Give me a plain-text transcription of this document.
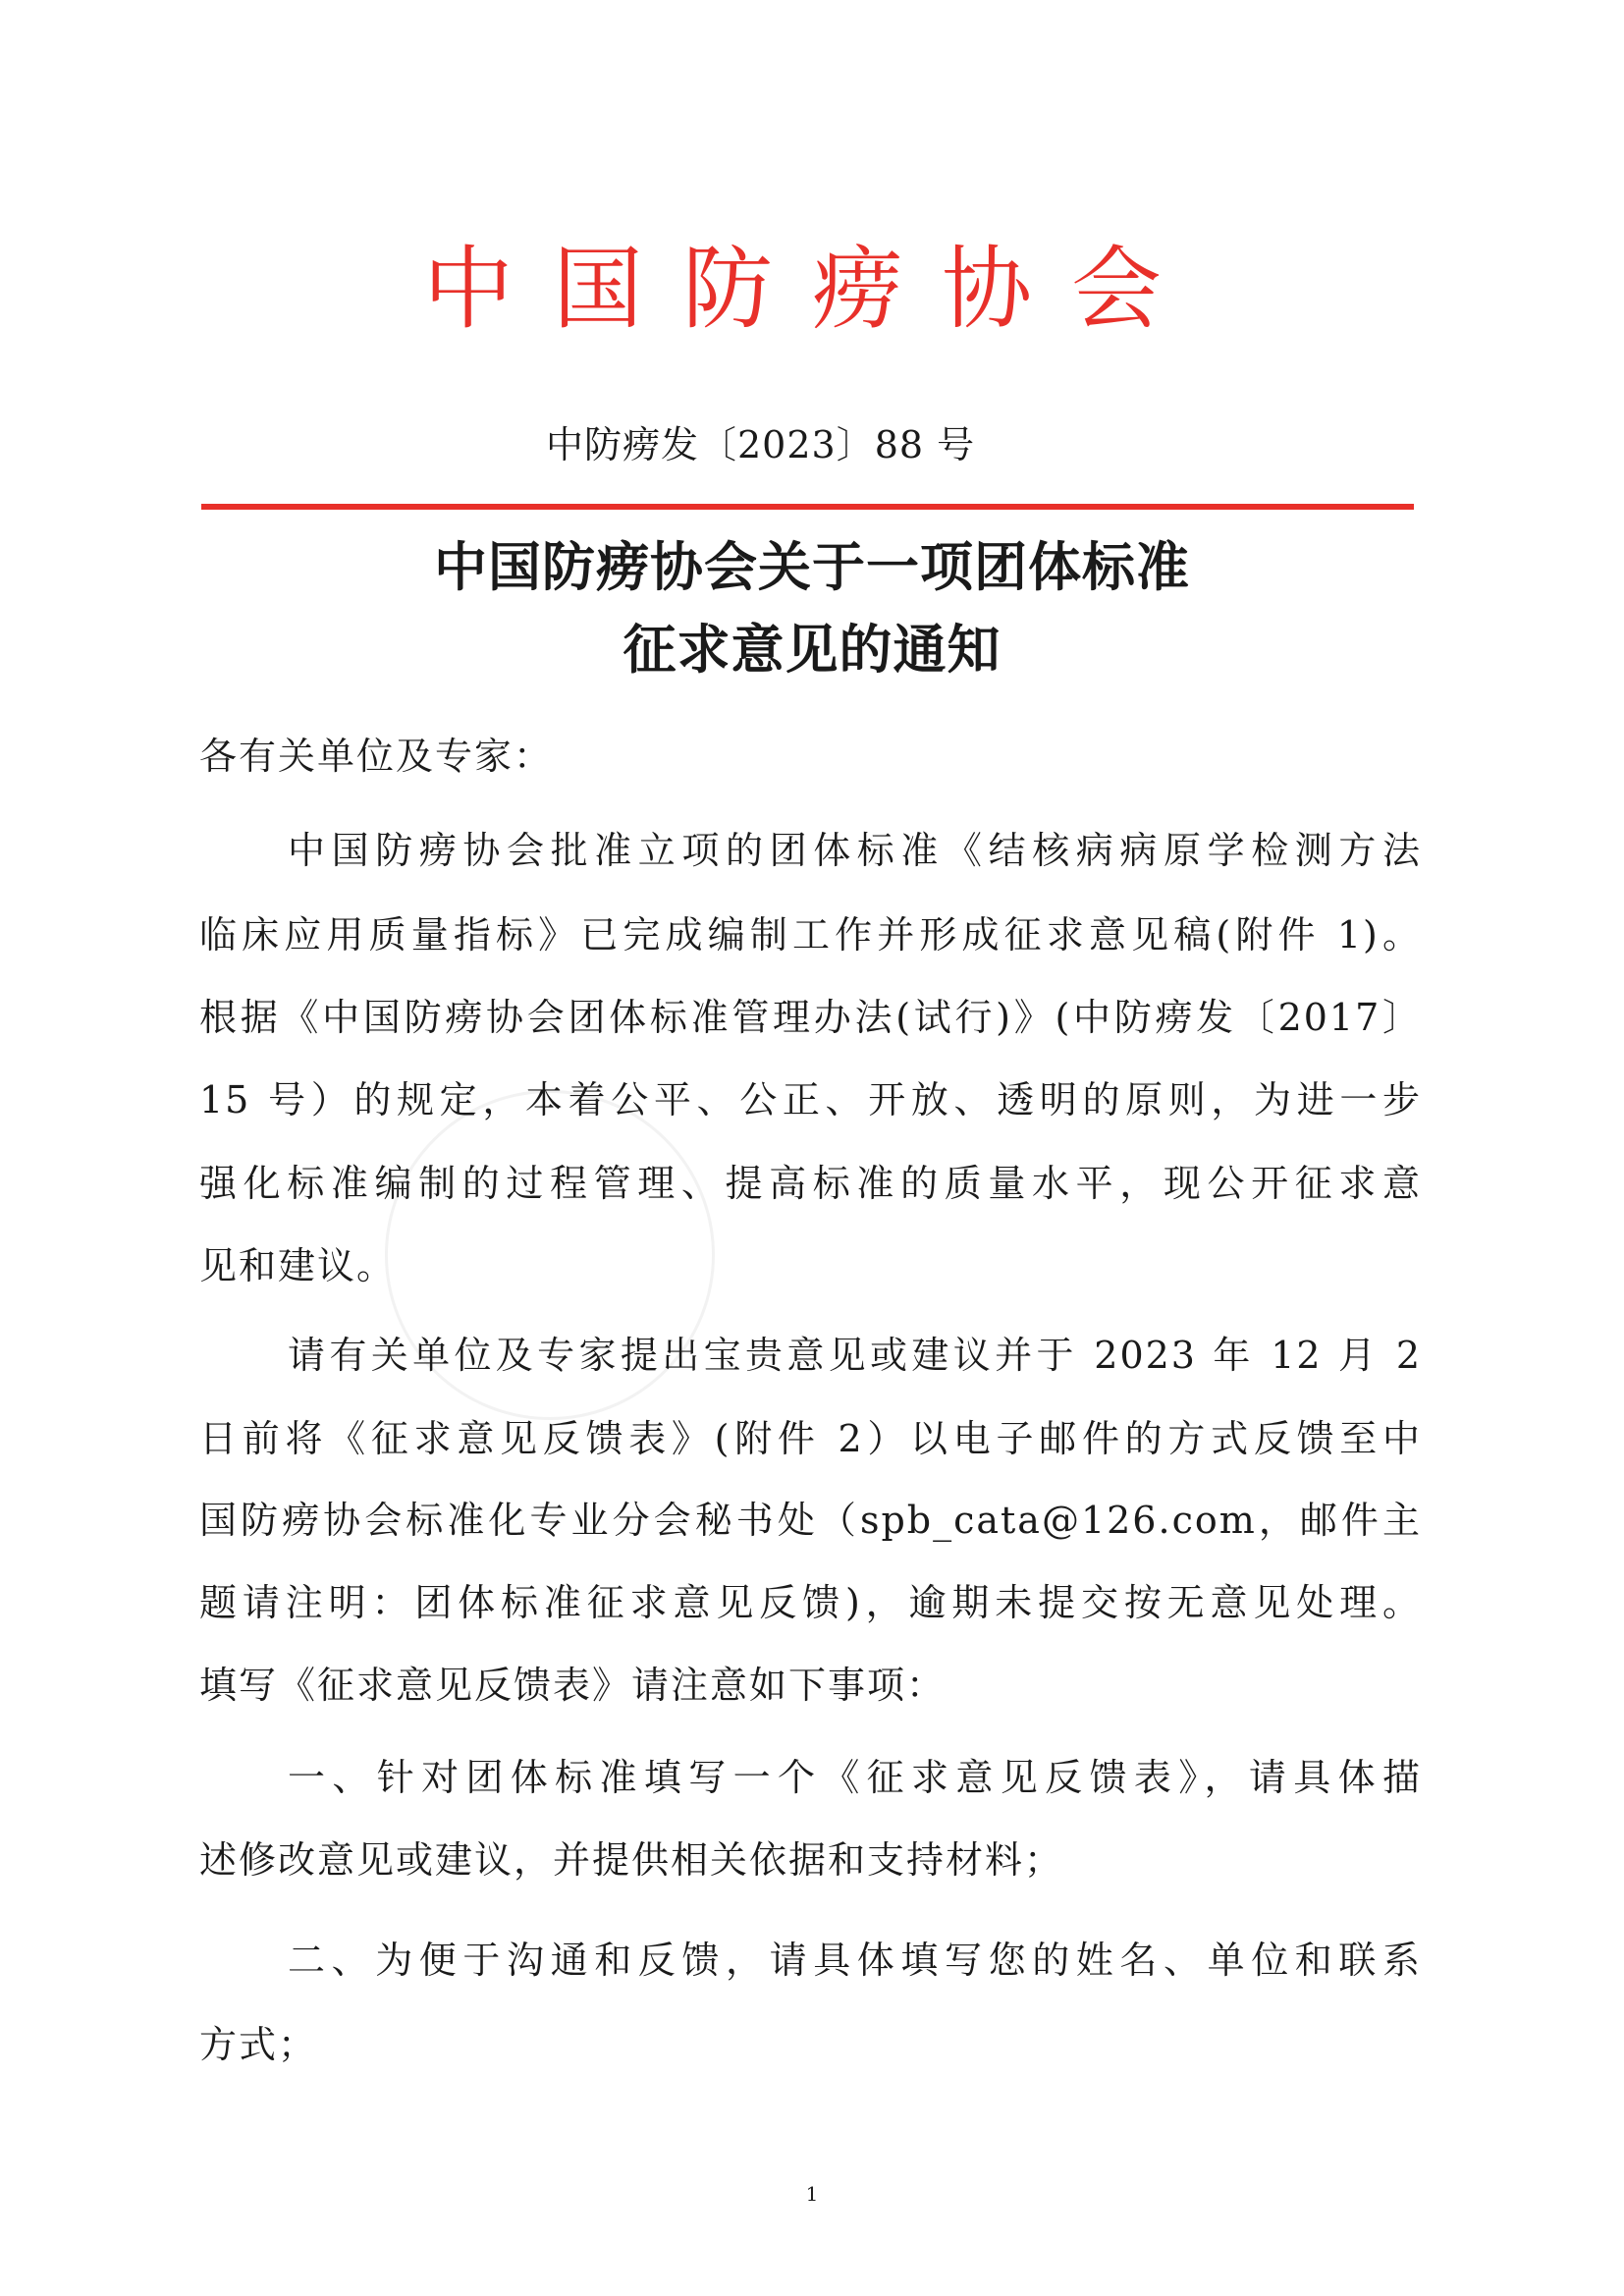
中国防痨协会
中防痨发〔2023〕88 号
中国防痨协会关于一项团体标准
征求意见的通知
各有关单位及专家：
中国防痨协会批准立项的团体标准《结核病病原学检测方法
临床应用质量指标》已完成编制工作并形成征求意见稿(附件 1)。
根据《中国防痨协会团体标准管理办法(试行)》(中防痨发〔2017〕
15 号）的规定，本着公平、公正、开放、透明的原则，为进一步
强化标准编制的过程管理、提高标准的质量水平，现公开征求意
见和建议。
请有关单位及专家提出宝贵意见或建议并于 2023 年 12 月 2
日前将《征求意见反馈表》(附件 2）以电子邮件的方式反馈至中
国防痨协会标准化专业分会秘书处（spb_cata@126.com，邮件主
题请注明：团体标准征求意见反馈)，逾期未提交按无意见处理。
填写《征求意见反馈表》请注意如下事项：
一、针对团体标准填写一个《征求意见反馈表》，请具体描
述修改意见或建议，并提供相关依据和支持材料；
二、为便于沟通和反馈，请具体填写您的姓名、单位和联系
方式；
1
